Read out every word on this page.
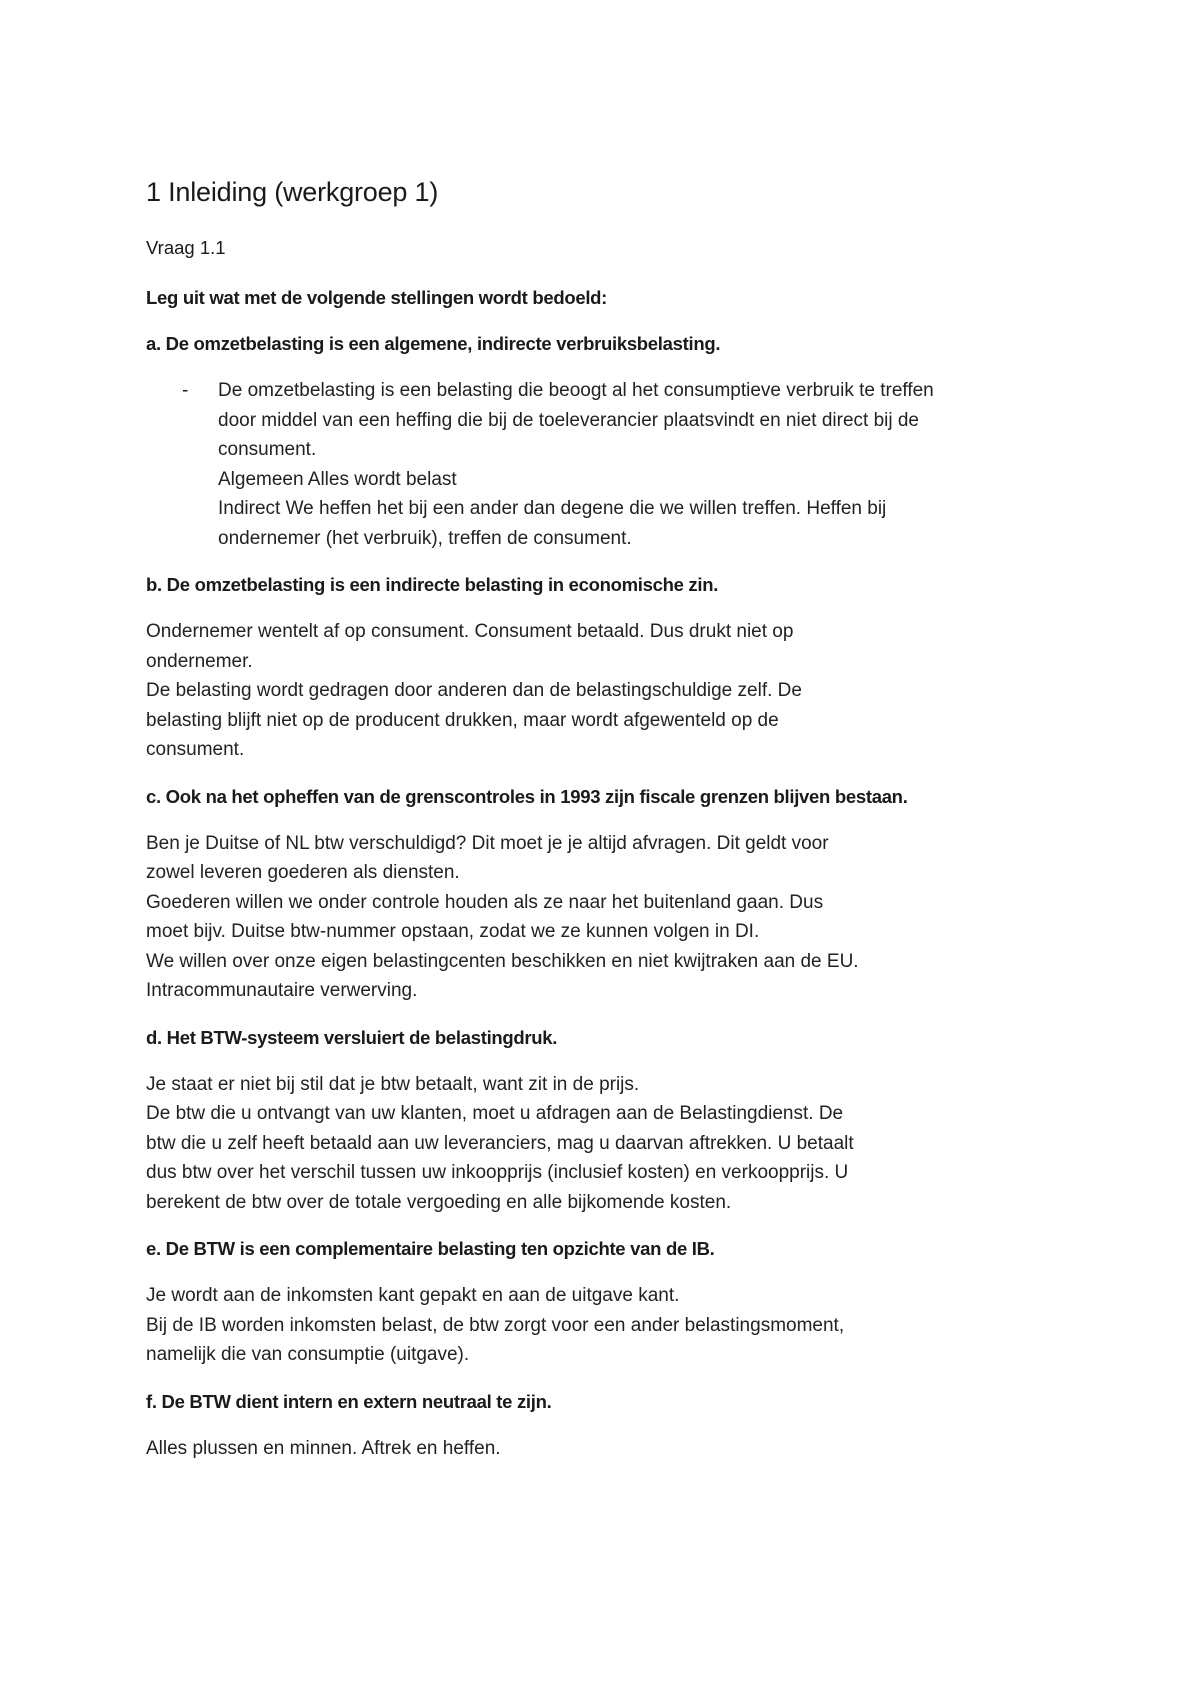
1 Inleiding (werkgroep 1)

Vraag 1.1

Leg uit wat met de volgende stellingen wordt bedoeld:

a. De omzetbelasting is een algemene, indirecte verbruiksbelasting.

- De omzetbelasting is een belasting die beoogt al het consumptieve verbruik te treffen
door middel van een heffing die bij de toeleverancier plaatsvindt en niet direct bij de
consument.
Algemeen Alles wordt belast
Indirect We heffen het bij een ander dan degene die we willen treffen. Heffen bij
ondernemer (het verbruik), treffen de consument.

b. De omzetbelasting is een indirecte belasting in economische zin.

Ondernemer wentelt af op consument. Consument betaald. Dus drukt niet op
ondernemer.
De belasting wordt gedragen door anderen dan de belastingschuldige zelf. De
belasting blijft niet op de producent drukken, maar wordt afgewenteld op de
consument.

c. Ook na het opheffen van de grenscontroles in 1993 zijn fiscale grenzen blijven bestaan.

Ben je Duitse of NL btw verschuldigd? Dit moet je je altijd afvragen. Dit geldt voor
zowel leveren goederen als diensten.
Goederen willen we onder controle houden als ze naar het buitenland gaan. Dus
moet bijv. Duitse btw-nummer opstaan, zodat we ze kunnen volgen in DI.
We willen over onze eigen belastingcenten beschikken en niet kwijtraken aan de EU.
Intracommunautaire verwerving.

d. Het BTW-systeem versluiert de belastingdruk.

Je staat er niet bij stil dat je btw betaalt, want zit in de prijs.
De btw die u ontvangt van uw klanten, moet u afdragen aan de Belastingdienst. De
btw die u zelf heeft betaald aan uw leveranciers, mag u daarvan aftrekken. U betaalt
dus btw over het verschil tussen uw inkoopprijs (inclusief kosten) en verkoopprijs. U
berekent de btw over de totale vergoeding en alle bijkomende kosten.

e. De BTW is een complementaire belasting ten opzichte van de IB.

Je wordt aan de inkomsten kant gepakt en aan de uitgave kant.
Bij de IB worden inkomsten belast, de btw zorgt voor een ander belastingsmoment,
namelijk die van consumptie (uitgave).

f. De BTW dient intern en extern neutraal te zijn.

Alles plussen en minnen. Aftrek en heffen.
